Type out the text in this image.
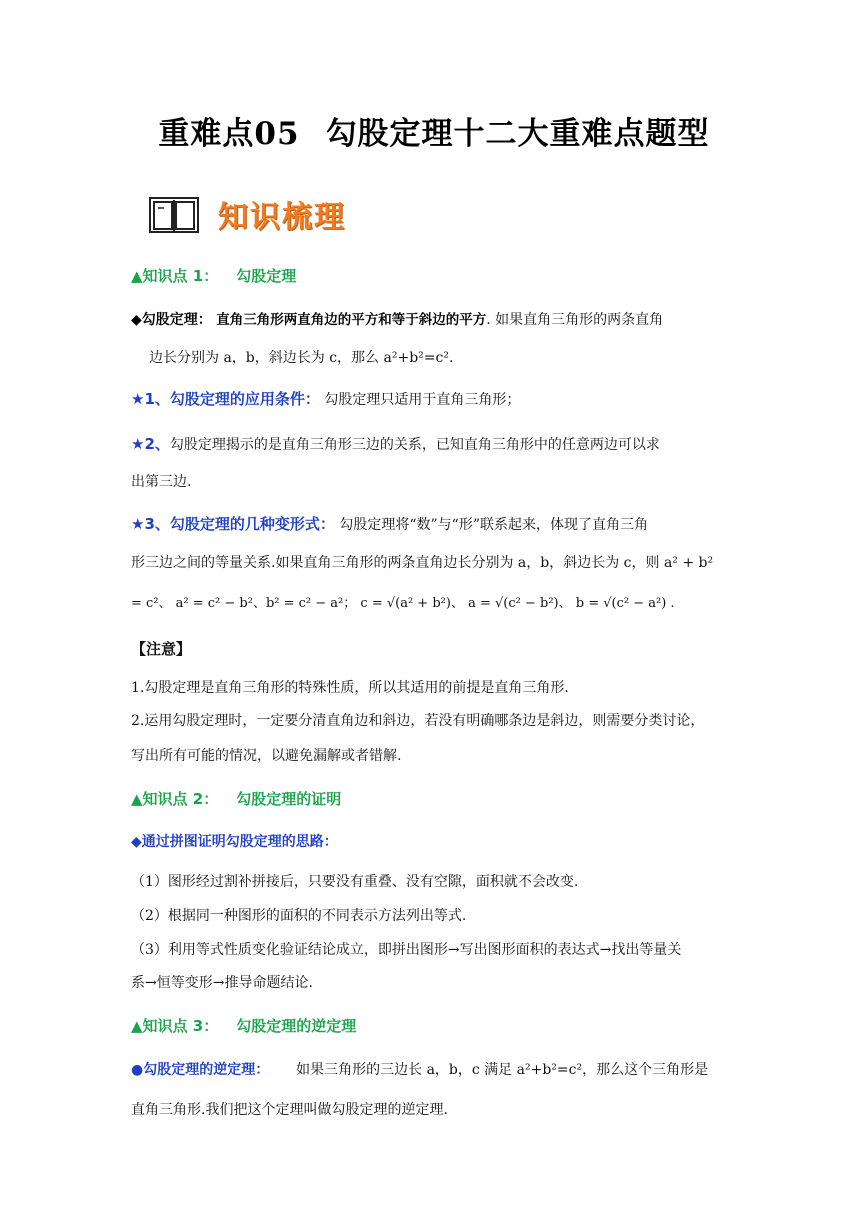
重难点05 勾股定理十二大重难点题型
知识梳理
▲知识点 1： 勾股定理
◆勾股定理： 直角三角形两直角边的平方和等于斜边的平方. 如果直角三角形的两条直角
边长分别为 a，b，斜边长为 c，那么 a²+b²=c².
★1、勾股定理的应用条件： 勾股定理只适用于直角三角形；
★2、勾股定理揭示的是直角三角形三边的关系，已知直角三角形中的任意两边可以求
出第三边.
★3、勾股定理的几种变形式： 勾股定理将“数”与“形”联系起来，体现了直角三角
形三边之间的等量关系.如果直角三角形的两条直角边长分别为 a，b，斜边长为 c，则 a² + b²
= c²、 a² = c² − b²、b² = c² − a²； c = √(a² + b²)、 a = √(c² − b²)、 b = √(c² − a²) .
【注意】
1.勾股定理是直角三角形的特殊性质，所以其适用的前提是直角三角形.
2.运用勾股定理时，一定要分清直角边和斜边，若没有明确哪条边是斜边，则需要分类讨论，
写出所有可能的情况，以避免漏解或者错解.
▲知识点 2： 勾股定理的证明
◆通过拼图证明勾股定理的思路：
（1）图形经过割补拼接后，只要没有重叠、没有空隙，面积就不会改变.
（2）根据同一种图形的面积的不同表示方法列出等式.
（3）利用等式性质变化验证结论成立，即拼出图形→写出图形面积的表达式→找出等量关
系→恒等变形→推导命题结论.
▲知识点 3： 勾股定理的逆定理
●勾股定理的逆定理： 如果三角形的三边长 a，b，c 满足 a²+b²=c²，那么这个三角形是
直角三角形.我们把这个定理叫做勾股定理的逆定理.
